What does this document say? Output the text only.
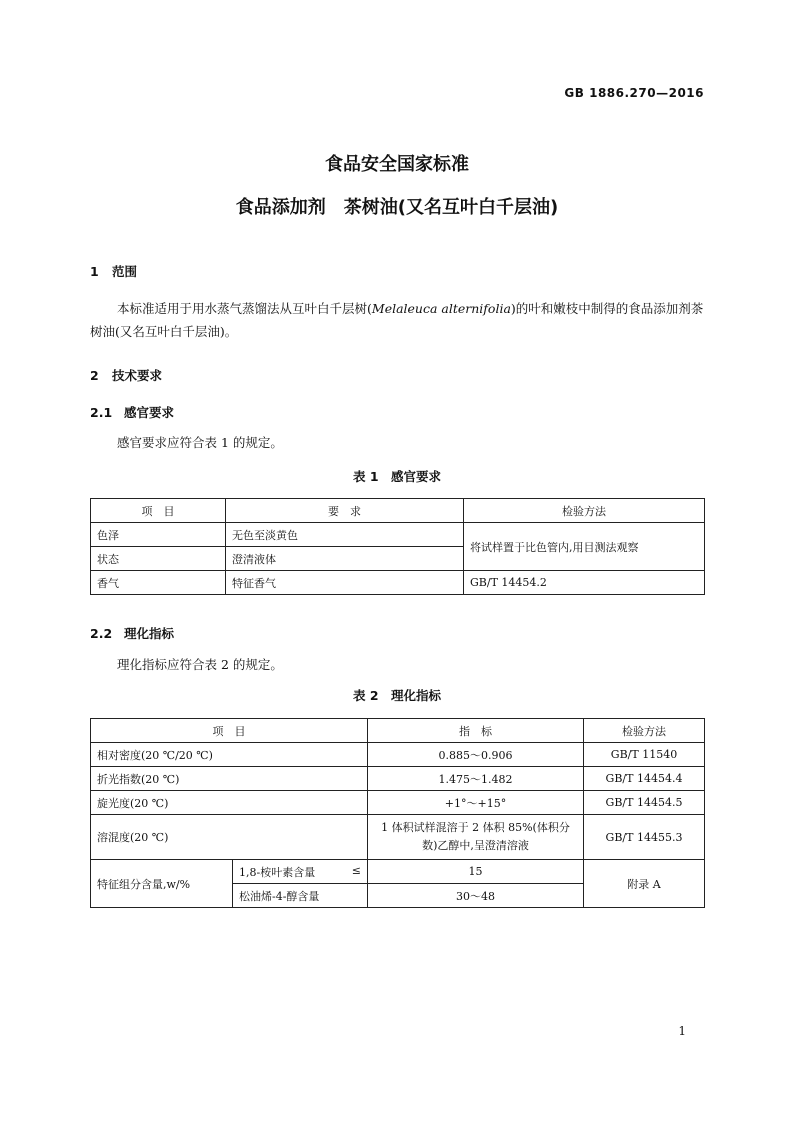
GB 1886.270—2016
食品安全国家标准
食品添加剂　茶树油(又名互叶白千层油)
1 范围
本标准适用于用水蒸气蒸馏法从互叶白千层树(Melaleuca alternifolia)的叶和嫩枝中制得的食品添加剂茶树油(又名互叶白千层油)。
2 技术要求
2.1 感官要求
感官要求应符合表 1 的规定。
表 1　感官要求
项　目	要　求	检验方法
色泽	无色至淡黄色	将试样置于比色管内,用目测法观察
状态	澄清液体	
香气	特征香气	GB/T 14454.2
2.2 理化指标
理化指标应符合表 2 的规定。
表 2　理化指标
项　目		指　标	检验方法
相对密度(20 ℃/20 ℃)		0.885～0.906	GB/T 11540
折光指数(20 ℃)		1.475～1.482	GB/T 14454.4
旋光度(20 ℃)		+1°～+15°	GB/T 14454.5
溶混度(20 ℃)		1 体积试样混溶于 2 体积 85%(体积分数)乙醇中,呈澄清溶液	GB/T 14455.3
特征组分含量,w/%	1,8-桉叶素含量 ≤	15	附录 A
	松油烯-4-醇含量	30～48	
1
